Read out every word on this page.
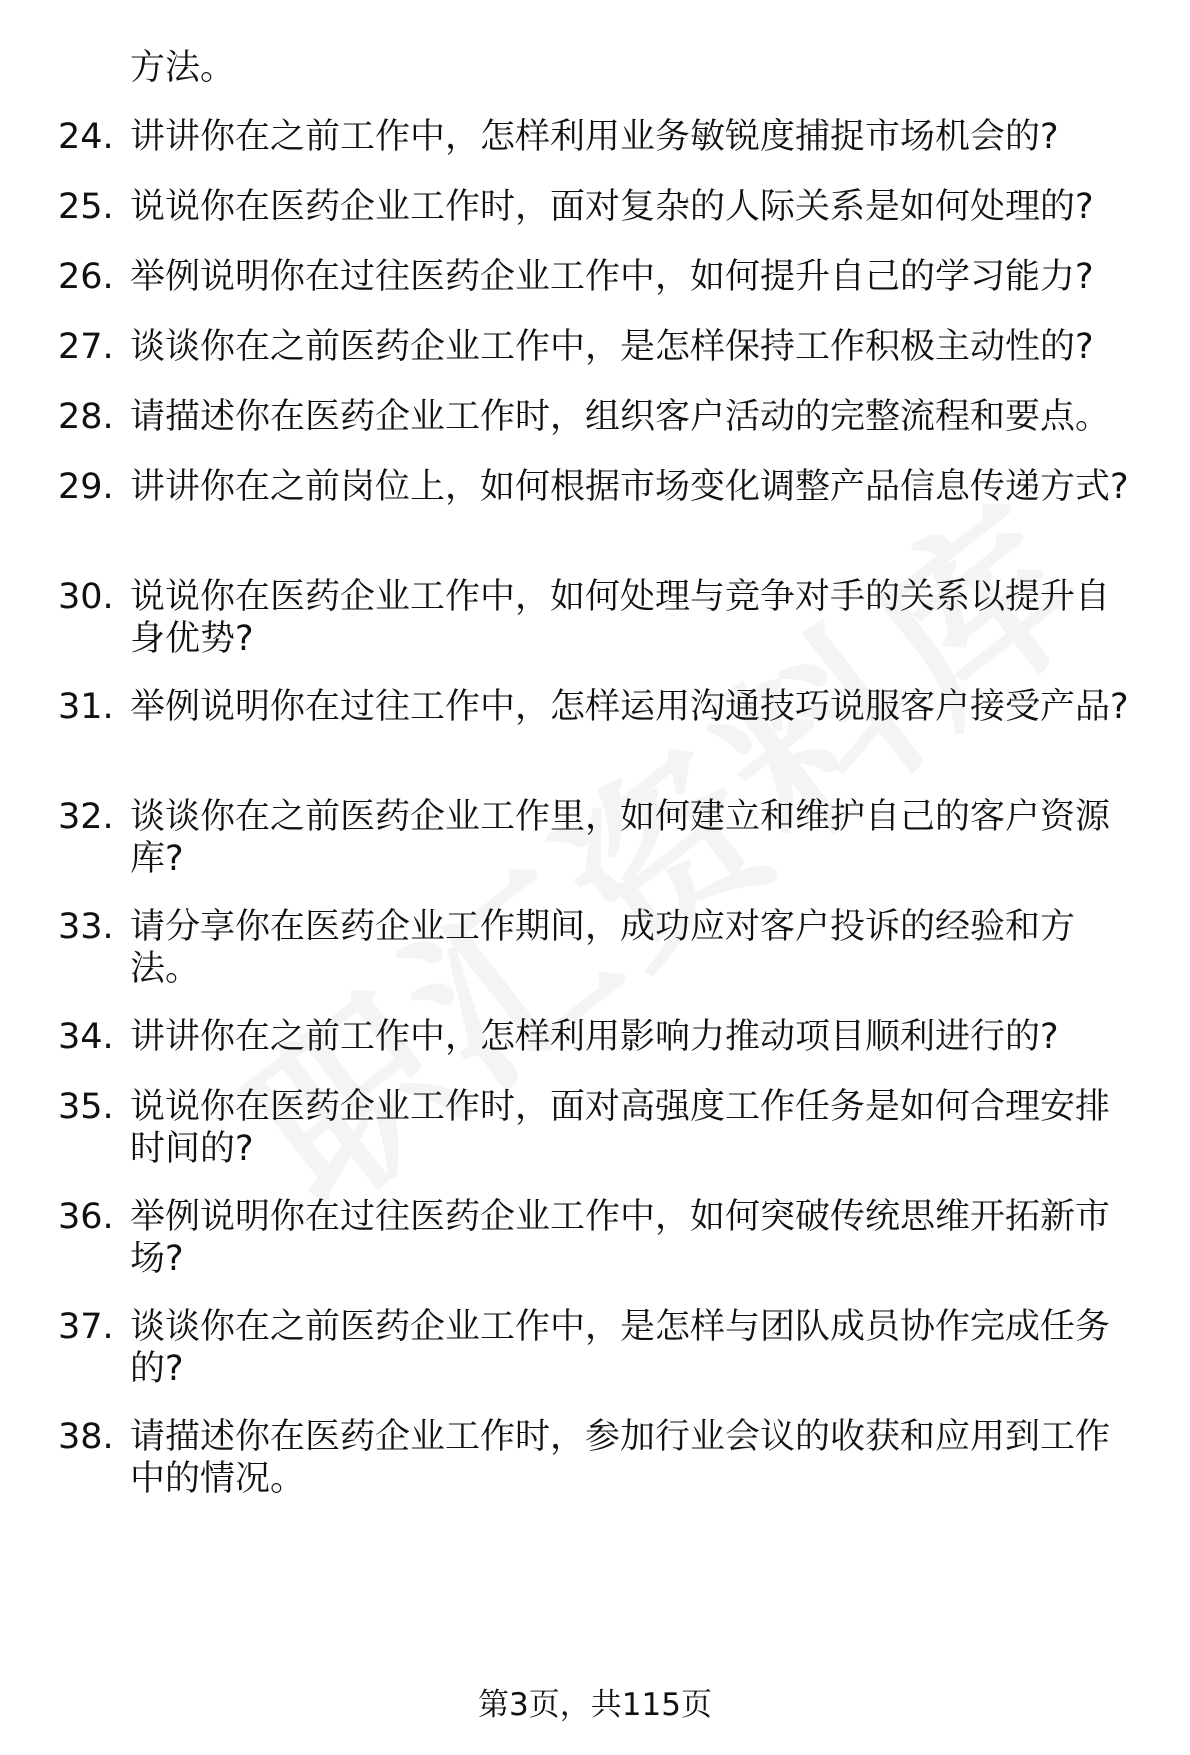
方法。
24. 讲讲你在之前工作中，怎样利用业务敏锐度捕捉市场机会的?
25. 说说你在医药企业工作时，面对复杂的人际关系是如何处理的?
26. 举例说明你在过往医药企业工作中，如何提升自己的学习能力?
27. 谈谈你在之前医药企业工作中，是怎样保持工作积极主动性的?
28. 请描述你在医药企业工作时，组织客户活动的完整流程和要点。
29. 讲讲你在之前岗位上，如何根据市场变化调整产品信息传递方式?
30. 说说你在医药企业工作中，如何处理与竞争对手的关系以提升自身优势?
31. 举例说明你在过往工作中，怎样运用沟通技巧说服客户接受产品?
32. 谈谈你在之前医药企业工作里，如何建立和维护自己的客户资源库?
33. 请分享你在医药企业工作期间，成功应对客户投诉的经验和方法。
34. 讲讲你在之前工作中，怎样利用影响力推动项目顺利进行的?
35. 说说你在医药企业工作时，面对高强度工作任务是如何合理安排时间的?
36. 举例说明你在过往医药企业工作中，如何突破传统思维开拓新市场?
37. 谈谈你在之前医药企业工作中，是怎样与团队成员协作完成任务的?
38. 请描述你在医药企业工作时，参加行业会议的收获和应用到工作中的情况。
第3页，共115页
